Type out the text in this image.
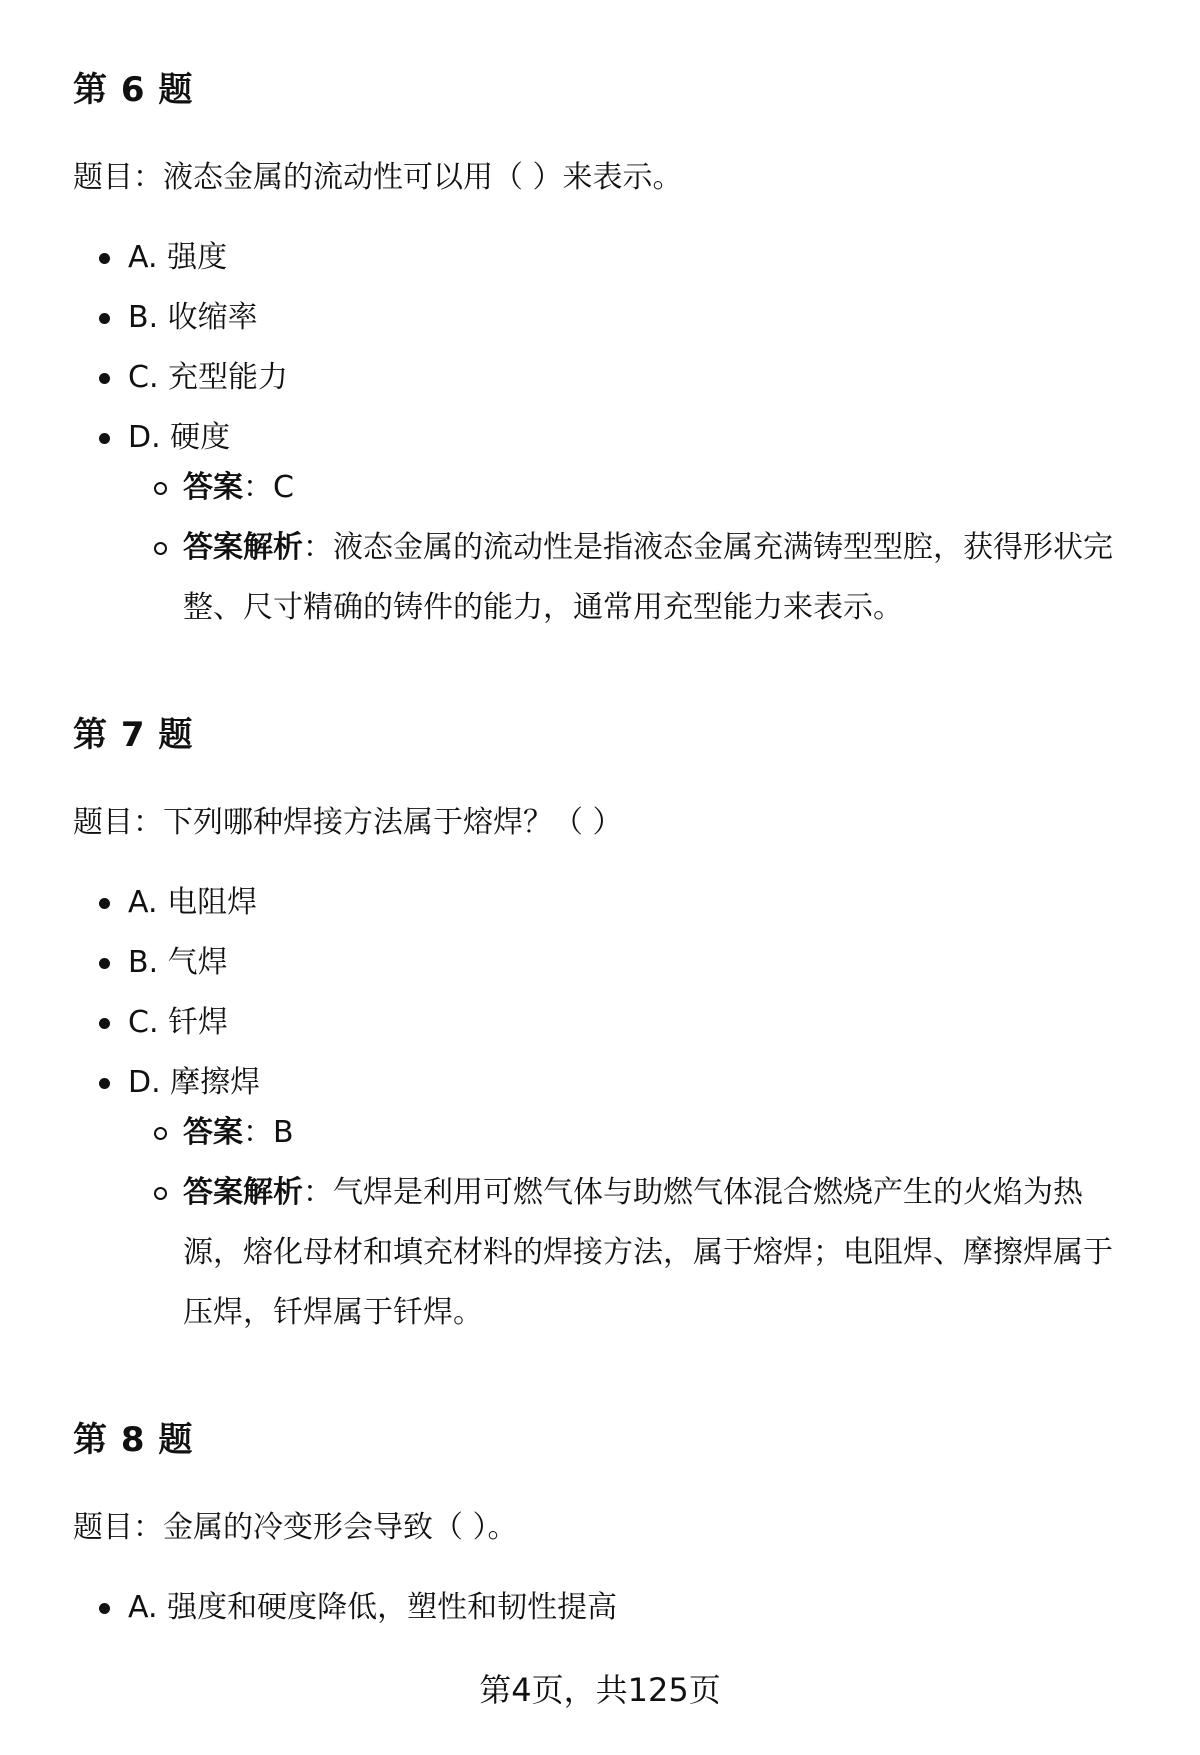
第 6 题

题目：液态金属的流动性可以用（ ）来表示。

A. 强度
B. 收缩率
C. 充型能力
D. 硬度
答案：C
答案解析：液态金属的流动性是指液态金属充满铸型型腔，获得形状完整、尺寸精确的铸件的能力，通常用充型能力来表示。
第 7 题

题目：下列哪种焊接方法属于熔焊？（ ）

A. 电阻焊
B. 气焊
C. 钎焊
D. 摩擦焊
答案：B
答案解析：气焊是利用可燃气体与助燃气体混合燃烧产生的火焰为热源，熔化母材和填充材料的焊接方法，属于熔焊；电阻焊、摩擦焊属于压焊，钎焊属于钎焊。
第 8 题

题目：金属的冷变形会导致（ ）。

A. 强度和硬度降低，塑性和韧性提高
第4页，共125页
